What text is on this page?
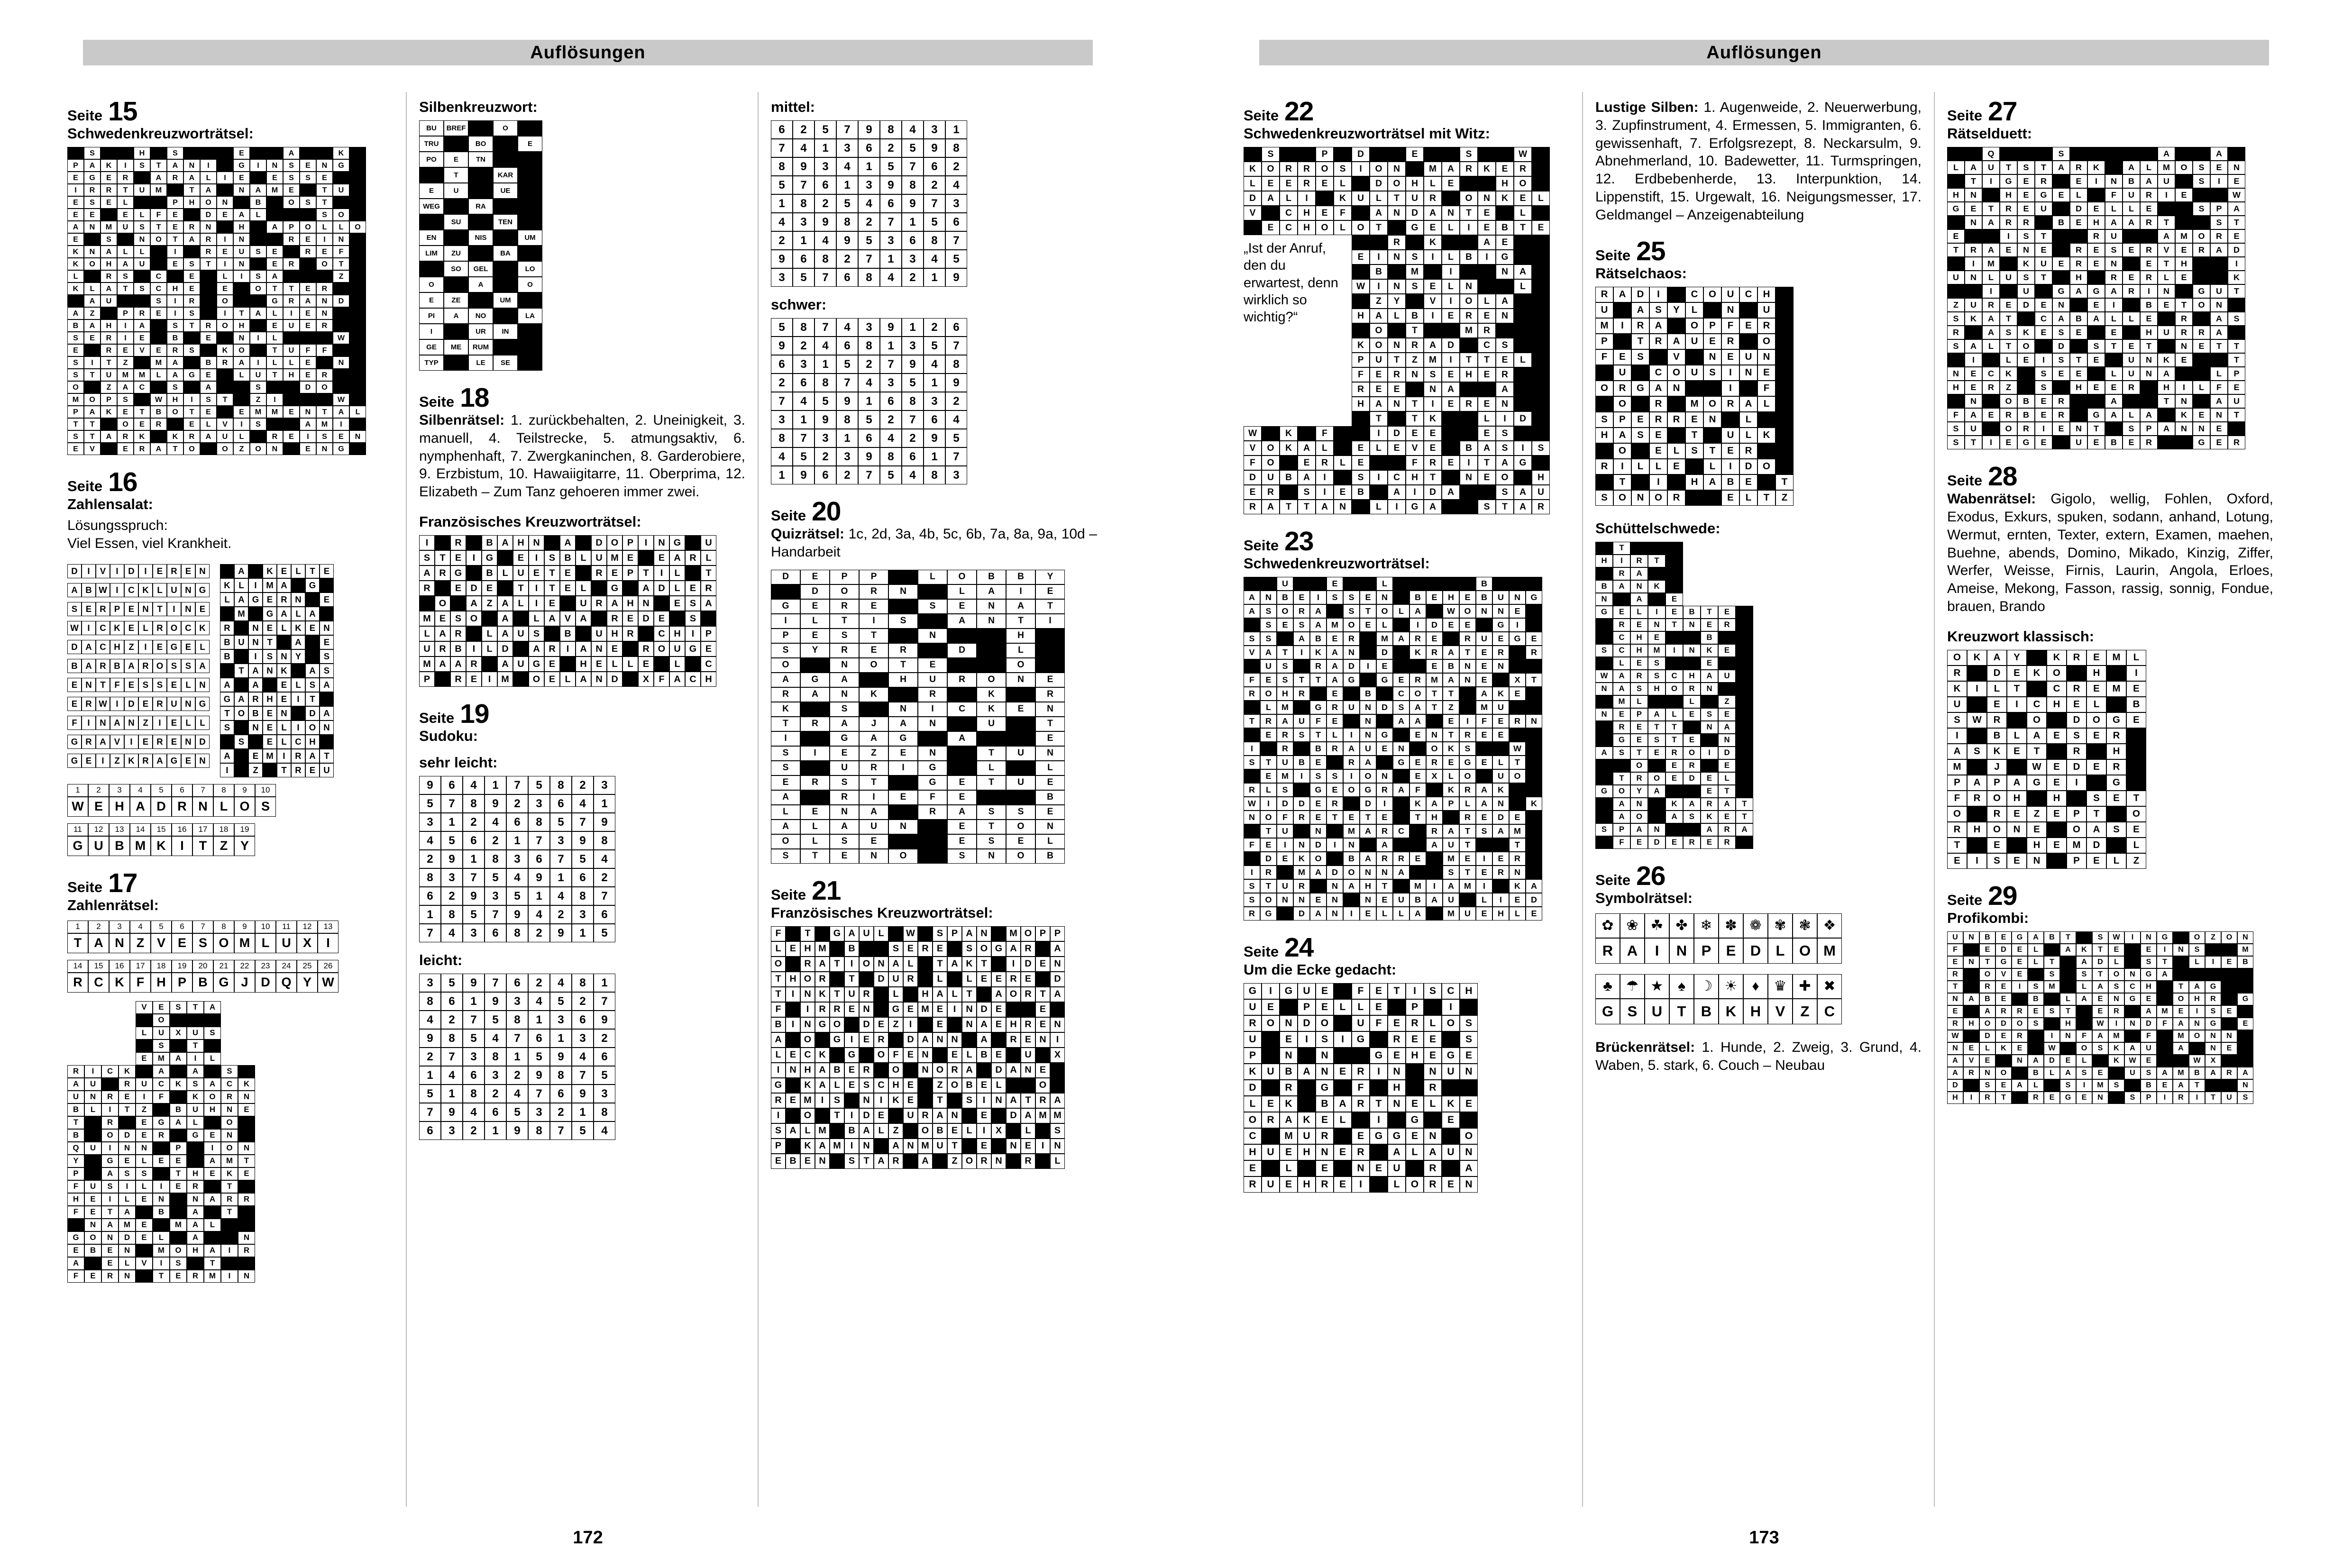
Auflösungen
Seite 15
Schwedenkreuzworträtsel:
S	H	S	E	A	K
P	A	K	I	S	T	A	N	I	G	I	N	S	E	N	G
E	G	E	R	A	R	A	L	I	E	E	S	S	E
I	R	R	T	U	M	T	A	N	A	M	E	T	U
E	S	E	L	P	H	O	N	B	O	S	T
E	E	E	L	F	E	D	E	A	L	S	O
A	N	M	U	S	T	E	R	N	H	A	P	O	L	L	O
E	S	N	O	T	A	R	I	N	R	E	I	N
K	N	A	L	L	I	R	E	U	S	E	R	E	F
K	O	H	A	U	E	S	T	I	N	E	R	O	T
L	R	S	C	E	L	I	S	A	Z
K	L	A	T	S	C	H	E	E	O	T	T	E	R
A	U	S	I	R	O	G	R	A	N	D
A	Z	P	R	E	I	S	I	T	A	L	I	E	N
B	A	H	I	A	S	T	R	O	H	E	U	E	R
S	E	R	I	E	B	E	N	I	L	W
E	R	E	V	E	R	S	K	O	T	U	F	F
S	I	T	Z	M	A	B	R	A	I	L	L	E	N
S	T	U	M	M	L	A	G	E	L	U	T	H	E	R
O	Z	A	C	S	A	S	D	O
M	O	P	S	W	H	I	S	T	Z	I	W
P	A	K	E	T	B	O	T	E	E	M	M	E	N	T	A	L
T	T	O	E	R	E	L	V	I	S	A	M	I
S	T	A	R	K	K	R	A	U	L	R	E	I	S	E	N
E	V	E	R	A	T	O	O	Z	O	N	E	N	G
Seite 16
Zahlensalat:
Lösungsspruch:
Viel Essen, viel Krankheit.
D	I	V	I	D	I	E R E N
A B W	I	C K L U N G
S E R P E N T	I	N E
W	I	C K E L R O C K
D A C H Z	I	E G E L
B A R B A R O S S A
E N T	F E S S E L N
E R W	I	D E R U N G
F	I	N A N Z	I	E L	L
G R A V	I	E R E N D
G E	I	Z K R A G E N
A	K E L	T E
K L	I	M A	G
L A G E R N	E
M	G A L A
R	N E L K E N
B U N T	A	E
B	I	S N Y	S
T A N K	A S
A	A	E L S A
G A R H E	I	T
T O B E N	D A
S	N E L	I	O N
S	E L C H
A	E M	I	R A T
I	Z	T R E U
1	2	3	4	5	6	7	8	9	10
W E H A D R N L O S
11	12	13	14	15	16	17	18	19
G U B M K	I	T	Z Y
Seite 17
Zahlenrätsel:
1	2	3	4	5	6	7	8	9	10	11	12	13
T A N Z V E S O M L U X	I
14	15	16	17	18	19	20	21	22	23	24	25	26
R C K F H P B G J D Q Y W
V	E	S	T	A
O
L	U	X	U	S
S	T
E	M	A	I	L
R	I	C	K	A	A	S
A	U	R	U	C	K	S	A	C	K
U	N	R	E	I	F	K	O	R	N
B	L	I	T	Z	B	U	H	N	E
T	R	E	G	A	L	O
B	O	D	E	R	G	E	N
Q	U	I	N	N	P	I	O	N
Y	G	E	L	E	E	A	M	T
P	A	S	S	T	H	E	K	E
F	U	S	I	L	I	E	R	T
H	E	I	L	E	N	N	A	R	R
F	E	T	A	B	A	T
N	A	M	E	M	A	L
G	O	N	D	E	L	A	N
E	B	E	N	M	O	H	A	I	R
A	E	L	V	I	S	T
F	E	R	N	T	E	R	M	I	N
Silbenkreuzwort:
BU	BREF	O
TRU	BO	E
PO	E	TN
T	KAR
E	U	UE
WEG	RA
SU	TEN
EN	NIS	UM
LIM	ZU	BA
SO	GEL	LO
O	A	O
E	ZE	UM
PI	A	NO	LA
I	UR	IN
GE	ME	RUM
TYP	LE	SE
Seite 18
Silbenrätsel: 1. zurückbehalten, 2. Uneinigkeit, 3. manuell, 4. Teilstrecke, 5. atmungsaktiv, 6. nymphenhaft, 7. Zwergkaninchen, 8. Garderobiere, 9. Erzbistum, 10. Hawaiigitarre, 11. Oberprima, 12. Elizabeth – Zum Tanz gehoeren immer zwei.
Französisches Kreuzworträtsel:
I	R	B A H N	A	D O P	I	N G	U
S	T	E	I	G	E	I	S B L U M E	E A R L
A R G	B L U E	T	E	R E P	T	I	L	T
R	E D E	T	I	T	E	L	G	A D L	E R
O	A Z A L	I	E	U R A H N	E S A
M E S O	A	L A V A	R E D E	S
L A R	L A U S	B	U H R	C H	I	P
U R B	I	L D	A R	I	A N E	R O U G E
M A A R	A U G E	H E	L	L	E	L	C
P	R E	I	M	O E	L A N D	X	F A C H
Seite 19
Sudoku:
sehr leicht:
9	6	4	1	7	5	8	2	3
5	7	8	9	2	3	6	4	1
3	1	2	4	6	8	5	7	9
4	5	6	2	1	7	3	9	8
2	9	1	8	3	6	7	5	4
8	3	7	5	4	9	1	6	2
6	2	9	3	5	1	4	8	7
1	8	5	7	9	4	2	3	6
7	4	3	6	8	2	9	1	5
leicht:
3	5	9	7	6	2	4	8	1
8	6	1	9	3	4	5	2	7
4	2	7	5	8	1	3	6	9
9	8	5	4	7	6	1	3	2
2	7	3	8	1	5	9	4	6
1	4	6	3	2	9	8	7	5
5	1	8	2	4	7	6	9	3
7	9	4	6	5	3	2	1	8
6	3	2	1	9	8	7	5	4
mittel:
6	2	5	7	9	8	4	3	1
7	4	1	3	6	2	5	9	8
8	9	3	4	1	5	7	6	2
5	7	6	1	3	9	8	2	4
1	8	2	5	4	6	9	7	3
4	3	9	8	2	7	1	5	6
2	1	4	9	5	3	6	8	7
9	6	8	2	7	1	3	4	5
3	5	7	6	8	4	2	1	9
schwer:
5	8	7	4	3	9	1	2	6
9	2	4	6	8	1	3	5	7
6	3	1	5	2	7	9	4	8
2	6	8	7	4	3	5	1	9
7	4	5	9	1	6	8	3	2
3	1	9	8	5	2	7	6	4
8	7	3	1	6	4	2	9	5
4	5	2	3	9	8	6	1	7
1	9	6	2	7	5	4	8	3
Seite 20
Quizrätsel: 1c, 2d, 3a, 4b, 5c, 6b, 7a, 8a, 9a, 10d – Handarbeit
D	E	P	P	L	O	B	B	Y
D	O	R	N	L	A	I	E
G	E	R	E	S	E	N	A	T
I	L	T	I	S	A	N	T	I
P	E	S	T	N	H
S	Y	R	E	R	D	L
O	N	O	T	E	O
A	G	A	H	U	R	O	N	E
R	A	N	K	R	K	R
K	S	N	I	C	K	E	N
T	R	A	J	A	N	U	T
I	G	A	G	A	E
S	I	E	Z	E	N	T	U	N
S	U	R	I	G	L	L
E	R	S	T	G	E	T	U	E
A	R	I	E	F	E	B
L	E	N	A	R	A	S	S	E
A	L	A	U	N	E	T	O	N
O	L	S	E	E	S	E	L
S	T	E	N	O	S	N	O	B
Seite 21
Französisches Kreuzworträtsel:
F	T	G A U L	W	S P A N	M O P P
L E H M	B	S E R E	S O G A R	A
O	R A T	I	O N A L	T A K T	I	D E N
T H O R	T	D U R	L	L E E R E	D
T	I	N K T U R	L	H A L T	A O R T A
F	I	R R E N	G E M E	I	N D E	E
B	I	N G O	D E Z	I	E	N A E H R E N
A	O	G	I	E R	D A N N	A	R E N	I
L E C K	G	O F E N	E L B E	U	X
I	N H A B E R	O	N O R A	D A N E
G	K A L E S C H E	Z O B E L	O
R E M	I	S	N	I	K E	T	S	I	N A T R A
I	O	T	I	D E	U R A N	E	D A M M
S A L M	B A L Z	O B E L	I	X	L	S
P	K A M	I	N	A N M U T	E	N E	I	N
E B E N	S T A R	A	Z O R N	R	L
172
Auflösungen
Seite 22
Schwedenkreuzworträtsel mit Witz:
„Ist der Anruf, den du erwartest, denn wirklich so wichtig?“
S	P	D	E	S	W
K	O	R	R	O	S	I	O	N	M	A	R	K	E	R
L	E	E	R	E	L	D	O	H	L	E	H	O
D	A	L	I	K	U	L	T	U	R	O	N	K	E	L
V	C	H	E	F	A	N	D	A	N	T	E	L
E	C	H	O	L	O	T	G	E	L	I	E	B	T	E
R	K	A	E
E	I	N	S	I	L	B	I	G
B	M	I	N	A
W	I	N	S	E	L	N	L
Z	Y	V	I	O	L	A
H	A	L	B	I	E	R	E	N
O	T	M	R
K	O	N	R	A	D	C	S
P	U	T	Z	M	I	T	T	E	L
F	E	R	N	S	E	H	E	R
R	E	E	N	A	A
H	A	N	T	I	E	R	E	N
T	T	K	L	I	D
W	K	F	I	D	E	E	E	S
V	O	K	A	L	E	L	E	V	E	B	A	S	I	S
F	O	E	R	L	E	F	R	E	I	T	A	G
D	U	B	A	I	S	I	C	H	T	N	E	O	H
E	R	S	I	E	B	A	I	D	A	S	A	U
R	A	T	T	A	N	L	I	G	A	S	T	A	R
Seite 23
Schwedenkreuzworträtsel:
U	E	L	B
A	N	B	E	I	S	S	E	N	B	E	H	E	B	U	N	G
A	S	O	R	A	S	T	O	L	A	W	O	N	N	E
S	E	S	A	M	O	E	L	I	D	E	E	G	I
S	S	A	B	E	R	M	A	R	E	R	U	E	G	E
V	A	T	I	K	A	N	D	K	R	A	T	E	R	R
U	S	R	A	D	I	E	E	B	N	E	N
F	E	S	T	T	A	G	G	E	R	M	A	N	E	X	T
R	O	H	R	E	B	C	O	T	T	A	K	E
L	M	G	R	U	N	D	S	A	T	Z	M	U
T	R	A	U	F	E	N	A	A	E	I	F	E	R	N
E	R	S	T	L	I	N	G	E	N	T	R	E	E
I	R	B	R	A	U	E	N	O	K	S	W
S	T	U	B	E	R	A	G	E	R	E	G	E	L	T
E	M	I	S	S	I	O	N	E	X	L	O	U	O
R	L	S	G	E	O	G	R	A	F	K	R	A	K
W	I	D	D	E	R	D	I	K	A	P	L	A	N	K
N	O	F	R	E	T	E	T	E	T	H	R	E	D	E
T	U	N	M	A	R	C	R	A	T	S	A	M
F	E	I	N	D	I	N	A	A	U	T	T
D	E	K	O	B	A	R	R	E	M	E	I	E	R
I	R	M	A	D	O	N	N	A	S	T	E	R	N
S	T	U	R	N	A	H	T	M	I	A	M	I	K	A
S	O	N	N	E	N	N	E	U	B	A	U	L	I	E	D
R	G	D	A	N	I	E	L	L	A	M	U	E	H	L	E
Seite 24
Um die Ecke gedacht:
G	I	G	U	E	F	E	T	I	S	C	H
U	E	P	E	L	L	E	P	I
R	O	N	D	O	U	F	E	R	L	O	S
U	E	I	S	I	G	R	E	E	S
P	N	N	G	E	H	E	G	E
K	U	B	A	N	E	R	I	N	N	U	N
D	R	G	F	H	R
L	E	K	B	A	R	T	N	E	L	K	E
O	R	A	K	E	L	I	G	E
C	M	U	R	E	G	G	E	N	O
H	U	E	H	N	E	R	A	L	A	U	N
E	L	E	N	E	U	R	A
R	U	E	H	R	E	I	L	O	R	E	N
Lustige Silben: 1. Augenweide, 2. Neuerwerbung, 3. Zupfinstrument, 4. Ermessen, 5. Immigranten, 6. gewissenhaft, 7. Erfolgsrezept, 8. Neckarsulm, 9. Abnehmerland, 10. Badewetter, 11. Turmspringen, 12. Erdbebenherde, 13. Interpunktion, 14. Lippenstift, 15. Urgewalt, 16. Neigungsmesser, 17. Geldmangel – Anzeigenabteilung
Seite 25
Rätselchaos:
R	A	D	I	C	O	U	C	H
U	A	S	Y	L	N	U
M	I	R	A	O	P	F	E	R
P	T	R	A	U	E	R	O
F	E	S	V	N	E	U	N
U	C	O	U	S	I	N	E
O	R	G	A	N	I	F
O	R	M	O	R	A	L
S	P	E	R	R	E	N	L
H	A	S	E	T	U	L	K
O	E	L	S	T	E	R
R	I	L	L	E	L	I	D	O
T	I	H	A	B	E	T
S	O	N	O	R	E	L	T	Z
Schüttelschwede:
T
H	I	R	T
R	A
B	A	N	K
N	A	E
G	E	L	I	E	B	T	E
R	E	N	T	N	E	R
C	H	E	B
S	C	H	M	I	N	K	E
L	E	S	E
W	A	R	S	C	H	A	U
N	A	S	H	O	R	N
M	L	L	Z
N	E	P	A	L	E	S	E
R	E	T	T	N	A
G	E	S	T	E	N
A	S	T	E	R	O	I	D
O	E	R	E
T	R	O	E	D	E	L
G	O	Y	A	E	T
A	N	K	A	R	A	T
A	O	A	S	K	E	T
S	P	A	N	A	R	A
F	E	D	E	R	E	R
Seite 26
Symbolrätsel:
✿ ❀ ☘ ✤ ❄ ✽ ❁ ✾ ❃ ❖
R A	I	N P	E D	L O M
♣ ☂ ★	♠	☽ ☀	♦	♛ ✚ ✖
G S U	T	B K H V	Z	C
Brückenrätsel: 1. Hunde, 2. Zweig, 3. Grund, 4. Waben, 5. stark, 6. Couch – Neubau
Seite 27
Rätselduett:
Q	S	A	A
L	A	U	T	S	T	A	R	K	A	L	M	O	S	E	N
T	I	G	E	R	E	I	N	B	A	U	S	I	E
H	N	H	E	G	E	L	F	U	R	I	E	W
G	E	T	R	E	U	D	E	L	L	E	S	P	A
N	A	R	R	B	E	H	A	A	R	T	S	T
E	I	S	T	R	U	A	M	O	R	E
T	R	A	E	N	E	R	E	S	E	R	V	E	R	A	D
I	M	K	U	E	R	E	N	E	T	H	I
U	N	L	U	S	T	H	R	E	R	L	E	K
I	U	G	A	G	A	R	I	N	G	U	T
Z	U	R	E	D	E	N	E	I	B	E	T	O	N
S	K	A	T	C	A	B	A	L	L	E	R	A	S
R	A	S	K	E	S	E	E	H	U	R	R	A
S	A	L	T	O	D	S	T	E	T	N	E	T	T
I	L	E	I	S	T	E	U	N	K	E	T
N	E	C	K	S	E	E	L	U	N	A	L	P
H	E	R	Z	S	H	E	E	R	H	I	L	F	E
N	O	B	E	R	A	T	N	A	U
F	A	E	R	B	E	R	G	A	L	A	K	E	N	T
S	U	O	R	I	E	N	T	S	P	A	N	N	E
S	T	I	E	G	E	U	E	B	E	R	G	E	R
Seite 28
Wabenrätsel: Gigolo, wellig, Fohlen, Oxford, Exodus, Exkurs, spuken, sodann, anhand, Lotung, Wermut, ernten, Texter, extern, Examen, maehen, Buehne, abends, Domino, Mikado, Kinzig, Ziffer, Werfer, Weisse, Firnis, Laurin, Angola, Erloes, Ameise, Mekong, Fasson, rassig, sonnig, Fondue, brauen, Brando
Kreuzwort klassisch:
O	K	A	Y	K	R	E	M	L
R	D	E	K	O	H	I
K	I	L	T	C	R	E	M	E
U	E	I	C	H	E	L	B
S	W	R	O	D	O	G	E
I	B	L	A	E	S	E	R
A	S	K	E	T	R	H
M	J	W	E	D	E	R
P	A	P	A	G	E	I	G
F	R	O	H	H	S	E	T
O	R	E	Z	E	P	T	O
R	H	O	N	E	O	A	S	E
T	E	H	E	M	D	L
E	I	S	E	N	P	E	L	Z
Seite 29
Profikombi:
U	N	B	E	G	A	B	T	S	W	I	N	G	O	Z	O	N
F	E	D	E	L	A	K	T	E	E	I	N	S	M
E	N	T	G	E	L	T	A	D	L	S	T	L	I	E	B
R	O	V	E	S	S	T	O	N	G	A
T	R	E	I	S	M	L	A	S	C	H	T	A	G
N	A	B	E	B	L	A	E	N	G	E	O	H	R	G
E	A	R	R	E	S	T	E	R	A	M	E	I	S	E
R	H	O	D	O	S	H	W	I	N	D	F	A	N	G	E
W	D	E	R	I	N	F	A	M	F	M	O	N	N
N	E	L	K	E	W	O	S	K	A	U	A	N	E
A	V	E	N	A	D	E	L	K	W	E	W	X
A	R	N	O	B	L	A	S	E	U	S	A	M	B	A	R	A
D	S	E	A	L	S	I	M	S	B	E	A	T	N
H	I	R	T	R	E	G	E	N	S	P	I	R	I	T	U	S
173
